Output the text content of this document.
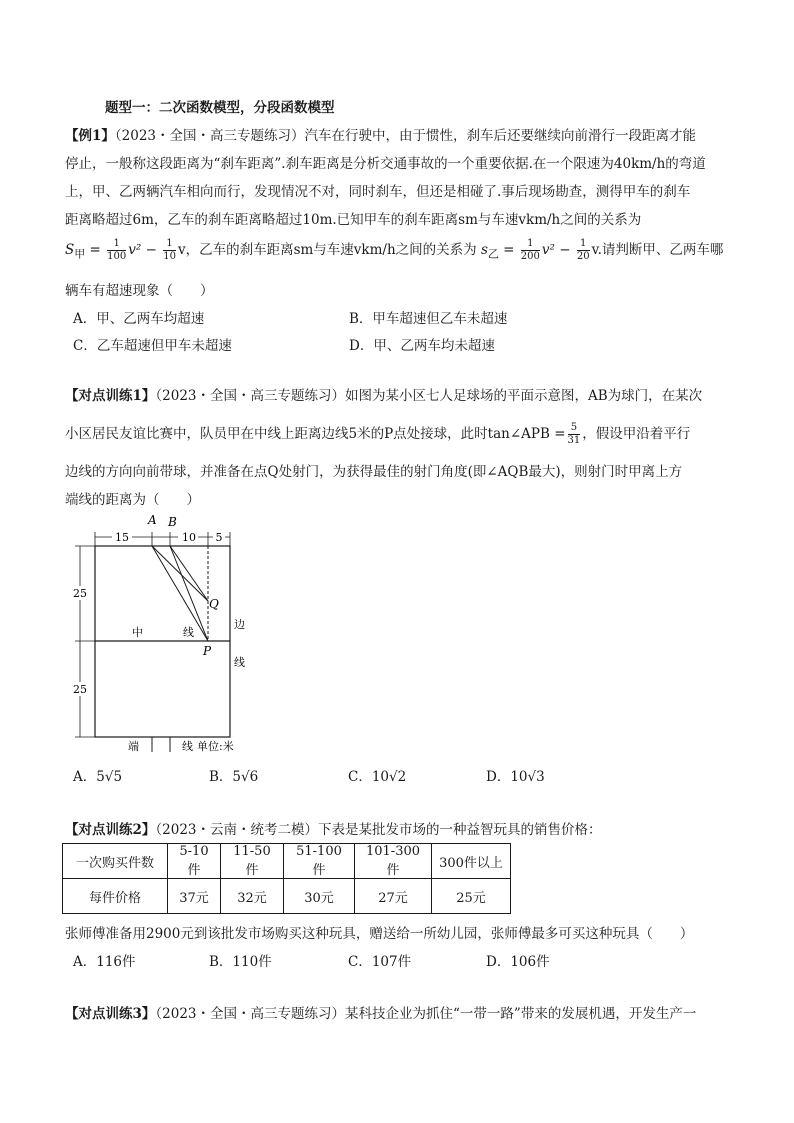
题型一：二次函数模型，分段函数模型
【例1】（2023・全国・高三专题练习）汽车在行驶中，由于惯性，刹车后还要继续向前滑行一段距离才能
停止，一般称这段距离为“刹车距离”.刹车距离是分析交通事故的一个重要依据.在一个限速为40km/h的弯道
上，甲、乙两辆汽车相向而行，发现情况不对，同时刹车，但还是相碰了.事后现场勘查，测得甲车的刹车
距离略超过6m，乙车的刹车距离略超过10m.已知甲车的刹车距离sm与车速vkm/h之间的关系为
$S_甲 = \frac{1}{100} v^2 - \frac{1}{10}$ v，乙车的刹车距离sm与车速vkm/h之间的关系为 $s_乙 = \frac{1}{200} v^2 - \frac{1}{20} v$.请判断甲、乙两车哪
辆车有超速现象（　　）
A．甲、乙两车均超速	B．甲车超速但乙车未超速
C．乙车超速但甲车未超速	D．甲、乙两车均未超速
【对点训练1】（2023・全国・高三专题练习）如图为某小区七人足球场的平面示意图，AB为球门，在某次
小区居民友谊比赛中，队员甲在中线上距离边线5米的P点处接球，此时tan∠APB = $\frac{5}{31}$ ，假设甲沿着平行
边线的方向向前带球，并准备在点Q处射门，为获得最佳的射门角度(即∠AQB最大)，则射门时甲离上方
端线的距离为（　　）
15	10 5
A B
Q
P
25
25
中	线
边
线
端	线 单位:米
A．5√5	B．5√6	C．10√2	D．10√3
【对点训练2】（2023・云南・统考二模）下表是某批发市场的一种益智玩具的销售价格：
一次购买件数	5-10件	11-50件	51-100件	101-300件	300件以上
每件价格	37元	32元	30元	27元	25元
张师傅准备用2900元到该批发市场购买这种玩具，赠送给一所幼儿园，张师傅最多可买这种玩具（　　）
A．116件	B．110件	C．107件	D．106件
【对点训练3】（2023・全国・高三专题练习）某科技企业为抓住“一带一路”带来的发展机遇，开发生产一
